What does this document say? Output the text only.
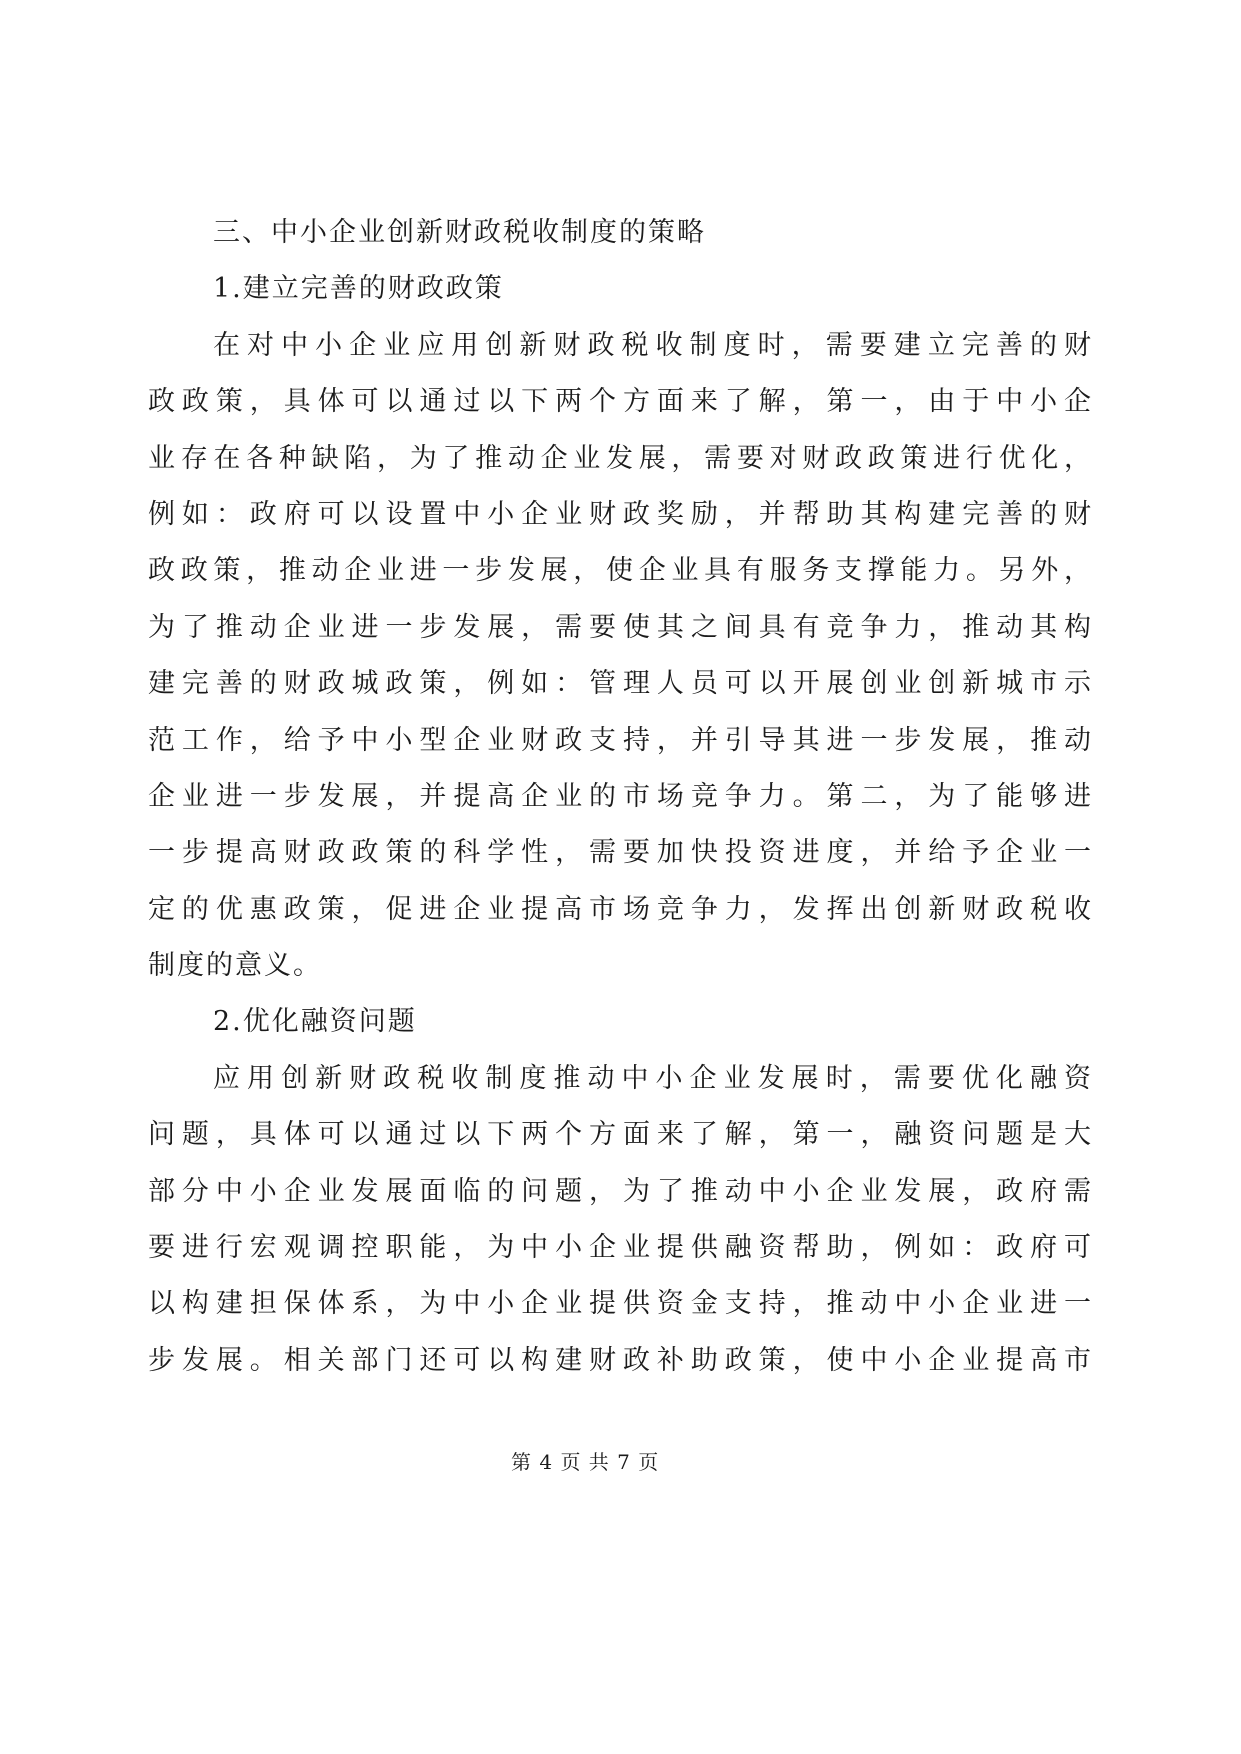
三、中小企业创新财政税收制度的策略
1.建立完善的财政政策
在对中小企业应用创新财政税收制度时，需要建立完善的财
政政策，具体可以通过以下两个方面来了解，第一，由于中小企
业存在各种缺陷，为了推动企业发展，需要对财政政策进行优化，
例如：政府可以设置中小企业财政奖励，并帮助其构建完善的财
政政策，推动企业进一步发展，使企业具有服务支撑能力。另外，
为了推动企业进一步发展，需要使其之间具有竞争力，推动其构
建完善的财政城政策，例如：管理人员可以开展创业创新城市示
范工作，给予中小型企业财政支持，并引导其进一步发展，推动
企业进一步发展，并提高企业的市场竞争力。第二，为了能够进
一步提高财政政策的科学性，需要加快投资进度，并给予企业一
定的优惠政策，促进企业提高市场竞争力，发挥出创新财政税收
制度的意义。
2.优化融资问题
应用创新财政税收制度推动中小企业发展时，需要优化融资
问题，具体可以通过以下两个方面来了解，第一，融资问题是大
部分中小企业发展面临的问题，为了推动中小企业发展，政府需
要进行宏观调控职能，为中小企业提供融资帮助，例如：政府可
以构建担保体系，为中小企业提供资金支持，推动中小企业进一
步发展。相关部门还可以构建财政补助政策，使中小企业提高市
第 4 页 共 7 页
